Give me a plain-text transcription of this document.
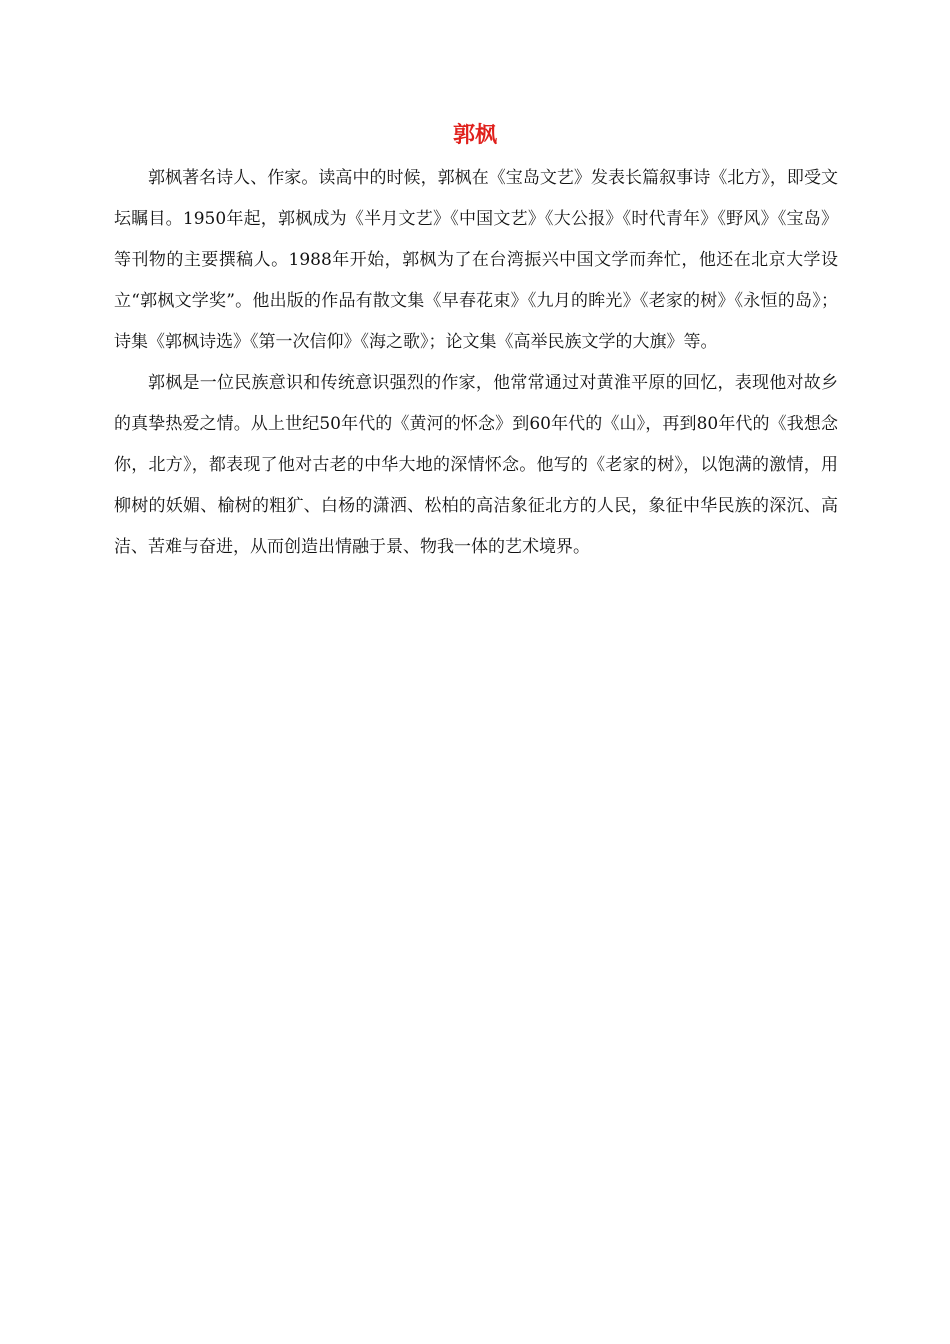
郭枫

郭枫著名诗人、作家。读高中的时候，郭枫在《宝岛文艺》发表长篇叙事诗《北方》，即受文坛瞩目。1950年起，郭枫成为《半月文艺》《中国文艺》《大公报》《时代青年》《野风》《宝岛》等刊物的主要撰稿人。1988年开始，郭枫为了在台湾振兴中国文学而奔忙，他还在北京大学设立“郭枫文学奖”。他出版的作品有散文集《早春花束》《九月的眸光》《老家的树》《永恒的岛》；诗集《郭枫诗选》《第一次信仰》《海之歌》；论文集《高举民族文学的大旗》等。

郭枫是一位民族意识和传统意识强烈的作家，他常常通过对黄淮平原的回忆，表现他对故乡的真挚热爱之情。从上世纪50年代的《黄河的怀念》到60年代的《山》，再到80年代的《我想念你，北方》，都表现了他对古老的中华大地的深情怀念。他写的《老家的树》，以饱满的激情，用柳树的妖媚、榆树的粗犷、白杨的潇洒、松柏的高洁象征北方的人民，象征中华民族的深沉、高洁、苦难与奋进，从而创造出情融于景、物我一体的艺术境界。
